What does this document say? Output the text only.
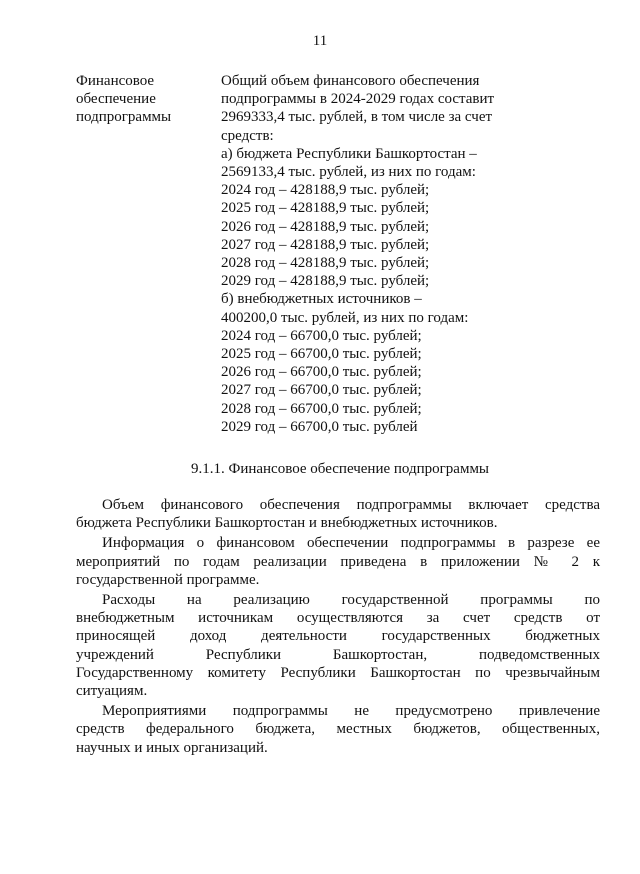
11
Финансовое
обеспечение
подпрограммы
Общий объем финансового обеспечения
подпрограммы в 2024-2029 годах составит
2969333,4 тыс. рублей, в том числе за счет
средств:
а) бюджета Республики Башкортостан –
2569133,4 тыс. рублей, из них по годам:
2024 год – 428188,9 тыс. рублей;
2025 год – 428188,9 тыс. рублей;
2026 год – 428188,9 тыс. рублей;
2027 год – 428188,9 тыс. рублей;
2028 год – 428188,9 тыс. рублей;
2029 год – 428188,9 тыс. рублей;
б) внебюджетных источников –
400200,0 тыс. рублей, из них по годам:
2024 год – 66700,0 тыс. рублей;
2025 год – 66700,0 тыс. рублей;
2026 год – 66700,0 тыс. рублей;
2027 год – 66700,0 тыс. рублей;
2028 год – 66700,0 тыс. рублей;
2029 год – 66700,0 тыс. рублей
9.1.1. Финансовое обеспечение подпрограммы
Объем финансового обеспечения подпрограммы включает средства
бюджета Республики Башкортостан и внебюджетных источников.
Информация о финансовом обеспечении подпрограммы в разрезе ее
мероприятий по годам реализации приведена в приложении № 2 к
государственной программе.
Расходы на реализацию государственной программы по
внебюджетным источникам осуществляются за счет средств от
приносящей доход деятельности государственных бюджетных
учреждений Республики Башкортостан, подведомственных
Государственному комитету Республики Башкортостан по чрезвычайным
ситуациям.
Мероприятиями подпрограммы не предусмотрено привлечение
средств федерального бюджета, местных бюджетов, общественных,
научных и иных организаций.
